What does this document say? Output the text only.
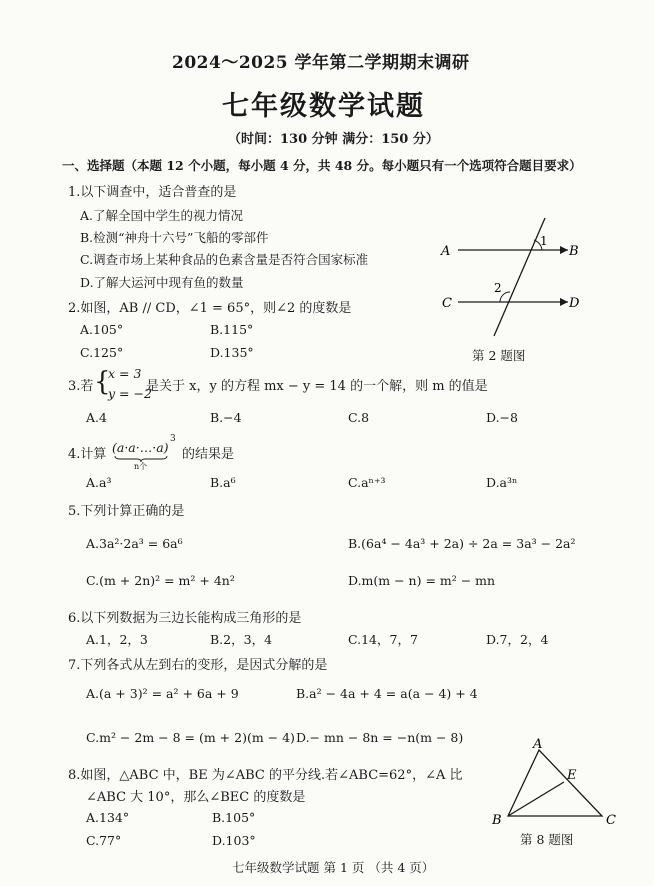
2024～2025 学年第二学期期末调研
七年级数学试题
（时间：130 分钟 满分：150 分）
一、选择题（本题 12 个小题，每小题 4 分，共 48 分。每小题只有一个选项符合题目要求）
1.以下调查中，适合普查的是
A.了解全国中学生的视力情况
B.检测“神舟十六号”飞船的零部件
C.调查市场上某种食品的色素含量是否符合国家标准
D.了解大运河中现有鱼的数量
2.如图，AB // CD，∠1 = 65°，则∠2 的度数是
A.105°	B.115°
C.125°	D.135°
A	B
C	D
1
2
第 2 题图
3.若 {
x = 3
y = −2
是关于 x，y 的方程 mx − y = 14 的一个解，则 m 的值是
A.4	B.−4	C.8	D.−8
4.计算 (a·a·…·a)
3
n个
的结果是
A.a³	B.a⁶	C.aⁿ⁺³	D.a³ⁿ
5.下列计算正确的是
A.3a²·2a³ = 6a⁶	B.(6a⁴ − 4a³ + 2a) ÷ 2a = 3a³ − 2a²
C.(m + 2n)² = m² + 4n²	D.m(m − n) = m² − mn
6.以下列数据为三边长能构成三角形的是
A.1，2，3	B.2，3，4	C.14，7，7	D.7，2，4
7.下列各式从左到右的变形，是因式分解的是
A.(a + 3)² = a² + 6a + 9	B.a² − 4a + 4 = a(a − 4) + 4
C.m² − 2m − 8 = (m + 2)(m − 4) D.− mn − 8n = −n(m − 8)
8.如图，△ABC 中，BE 为∠ABC 的平分线.若∠ABC=62°，∠A 比
∠ABC 大 10°，那么∠BEC 的度数是
A.134°	B.105°
C.77°	D.103°
A
E
B	C
第 8 题图
七年级数学试题 第 1 页 （共 4 页）
